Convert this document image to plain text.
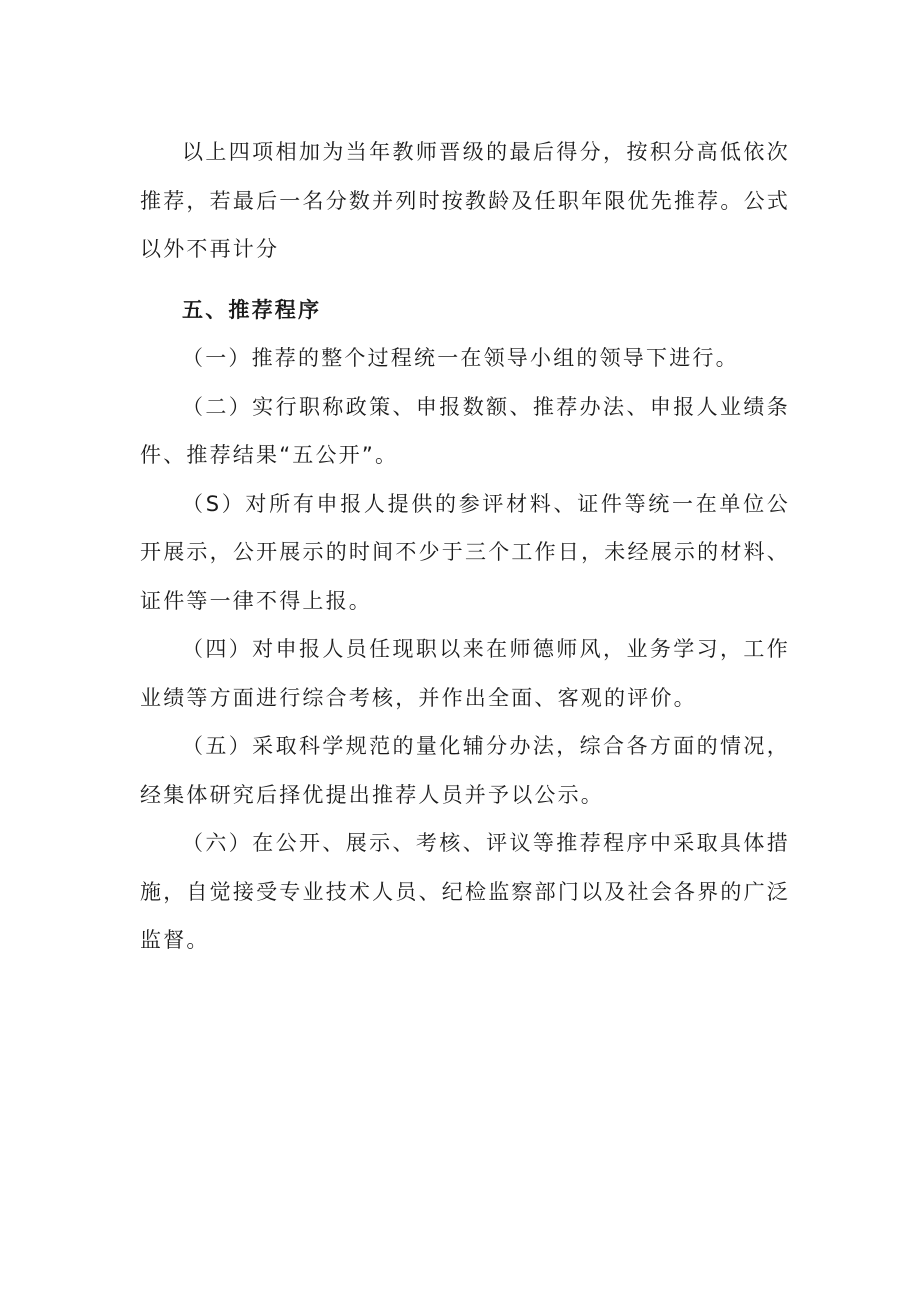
以上四项相加为当年教师晋级的最后得分，按积分高低依次推荐，若最后一名分数并列时按教龄及任职年限优先推荐。公式以外不再计分

五、推荐程序

（一）推荐的整个过程统一在领导小组的领导下进行。

（二）实行职称政策、申报数额、推荐办法、申报人业绩条件、推荐结果“五公开”。

（S）对所有申报人提供的参评材料、证件等统一在单位公开展示，公开展示的时间不少于三个工作日，未经展示的材料、证件等一律不得上报。

（四）对申报人员任现职以来在师德师风，业务学习，工作业绩等方面进行综合考核，并作出全面、客观的评价。

（五）采取科学规范的量化辅分办法，综合各方面的情况，经集体研究后择优提出推荐人员并予以公示。

（六）在公开、展示、考核、评议等推荐程序中采取具体措施，自觉接受专业技术人员、纪检监察部门以及社会各界的广泛监督。
